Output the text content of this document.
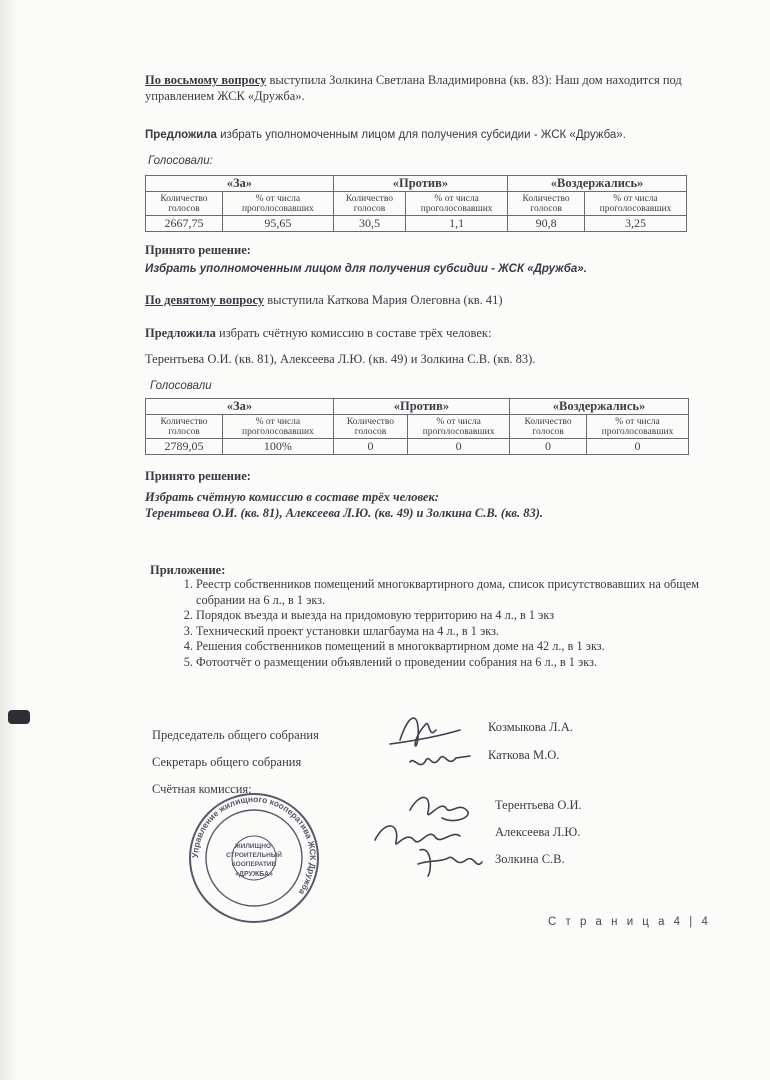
По восьмому вопросу выступила Золкина Светлана Владимировна (кв. 83): Наш дом находится под управлением ЖСК «Дружба».
Предложила избрать уполномоченным лицом для получения субсидии - ЖСК «Дружба».
Голосовали:
«За»		«Против»		«Воздержались»	
Количество голосов	% от числа проголосовавших	Количество голосов	% от числа проголосовавших	Количество голосов	% от числа проголосовавших
2667,75	95,65	30,5	1,1	90,8	3,25
Принято решение:
Избрать уполномоченным лицом для получения субсидии - ЖСК «Дружба».
По девятому вопросу выступила Каткова Мария Олеговна (кв. 41)
Предложила избрать счётную комиссию в составе трёх человек:
Терентьева О.И. (кв. 81), Алексеева Л.Ю. (кв. 49) и Золкина С.В. (кв. 83).
Голосовали
«За»		«Против»		«Воздержались»	
Количество голосов	% от числа проголосовавших	Количество голосов	% от числа проголосовавших	Количество голосов	% от числа проголосовавших
2789,05	100%	0	0	0	0
Принято решение:
Избрать счётную комиссию в составе трёх человек:
Терентьева О.И. (кв. 81), Алексеева Л.Ю. (кв. 49) и Золкина С.В. (кв. 83).
Приложение:
1. Реестр собственников помещений многоквартирного дома, список присутствовавших на общем собрании на 6 л., в 1 экз.
2. Порядок въезда и выезда на придомовую территорию на 4 л., в 1 экз
3. Технический проект установки шлагбаума на 4 л., в 1 экз.
4. Решения собственников помещений в многоквартирном доме на 42 л., в 1 экз.
5. Фотоотчёт о размещении объявлений о проведении собрания на 6 л., в 1 экз.
Председатель общего собрания
Козмыкова Л.А.
Секретарь общего собрания	Каткова М.О.
Счётная комиссия:
Терентьева О.И.
Алексеева Л.Ю.
Золкина С.В.
Управление жилищного кооператива ЖСК Дружба
ЖИЛИЩНО-
СТРОИТЕЛЬНЫЙ
КООПЕРАТИВ
«ДРУЖБА»
С т р а н и ц а 4 | 4
